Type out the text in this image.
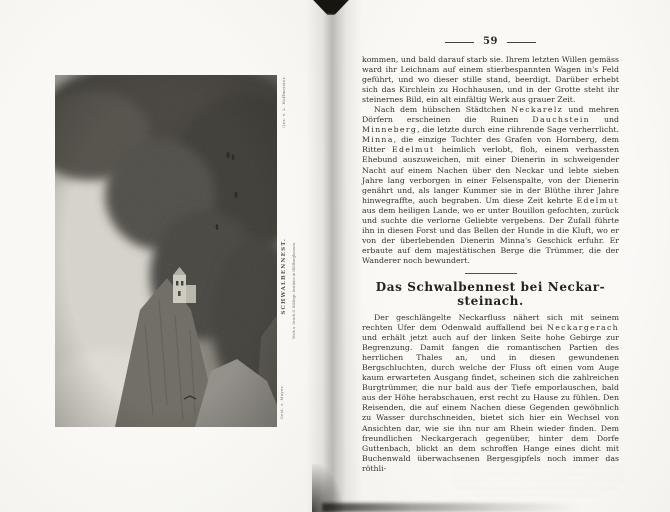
Gez. v. L. Hoffmeister.
SCHWALBENNEST. Stich u. Druck d. Bibliogr. Instituts in Hildburghausen.
Gest. v. Mayer.
59

kommen, und bald darauf starb sie. Ihrem letzten Willen gemäss ward ihr Leichnam auf einem stierbespannten Wagen in's Feld geführt, und wo dieser stille stand, beerdigt. Darüber erhebt sich das Kirchlein zu Hochhausen, und in der Grotte steht ihr steinernes Bild, ein alt einfältig Werk aus grauer Zeit.

Nach dem hübschen Städtchen Neckarelz und mehren Dörfern erscheinen die Ruinen Dauchstein und Minneberg, die letzte durch eine rührende Sage verherrlicht. Minna, die einzige Tochter des Grafen von Hornberg, dem Ritter Edelmut heimlich verlobt, floh, einem verhassten Ehebund auszuweichen, mit einer Dienerin in schweigender Nacht auf einem Nachen über den Neckar und lebte sieben Jahre lang verborgen in einer Felsenspalte, von der Dienerin genährt und, als langer Kummer sie in der Blüthe ihrer Jahre hinwegraffte, auch begraben. Um diese Zeit kehrte Edelmut aus dem heiligen Lande, wo er unter Bouillon gefochten, zurück und suchte die verlorne Geliebte vergebens. Der Zufall führte ihn in diesen Forst und das Bellen der Hunde in die Kluft, wo er von der überlebenden Dienerin Minna's Geschick erfuhr. Er erbaute auf dem majestätischen Berge die Trümmer, die der Wanderer noch bewundert.

Das Schwalbennest bei Neckar-
steinach.

Der geschlängelte Neckarfluss nähert sich mit seinem rechten Ufer dem Odenwald auffallend bei Neckargerach und erhält jetzt auch auf der linken Seite hohe Gebirge zur Begrenzung. Damit fangen die romantischen Partien des herrlichen Thales an, und in diesen gewundenen Bergschluchten, durch welche der Fluss oft einen vom Auge kaum erwarteten Ausgang findet, scheinen sich die zahlreichen Burgtrümmer, die nur bald aus der Tiefe emporlauschen, bald aus der Höhe herabschauen, erst recht zu Hause zu fühlen. Den Reisenden, die auf einem Nachen diese Gegenden gewöhnlich zu Wasser durchschneiden, bietet sich hier ein Wechsel von Ansichten dar, wie sie ihn nur am Rhein wieder finden. Dem freundlichen Neckargerach gegenüber, hinter dem Dorfe Guttenbach, blickt an dem schroffen Hange eines dicht mit Buchenwald überwachsenen Bergesgipfels noch immer das röthli-
